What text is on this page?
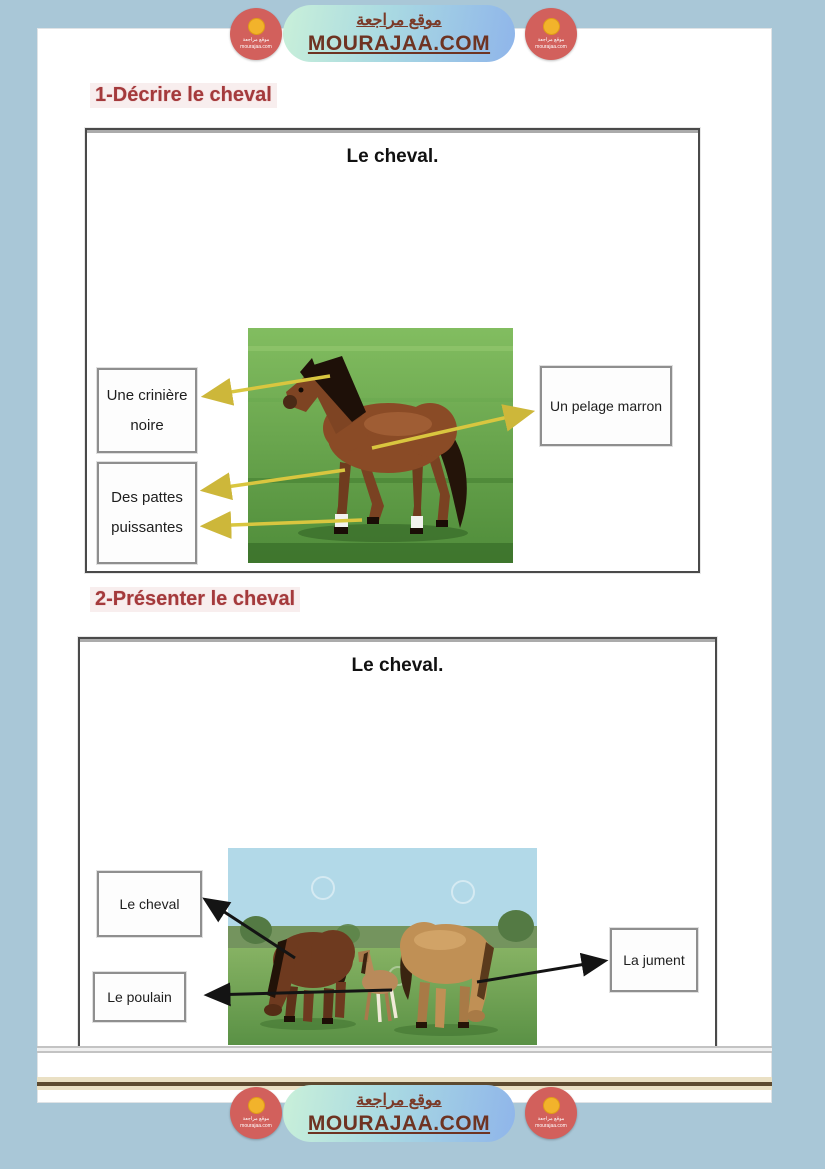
موقع مراجعة
mourajaa.com
موقع مراجعة
MOURAJAA.COM	موقع مراجعة
mourajaa.com
1-Décrire le cheval
Le cheval.
Une crinière noire
Des pattes puissantes
Un pelage marron
2-Présenter le cheval
Le cheval.
Le cheval
Le poulain
La jument
موقع مراجعة
mourajaa.com
موقع مراجعة
MOURAJAA.COM	موقع مراجعة
mourajaa.com
